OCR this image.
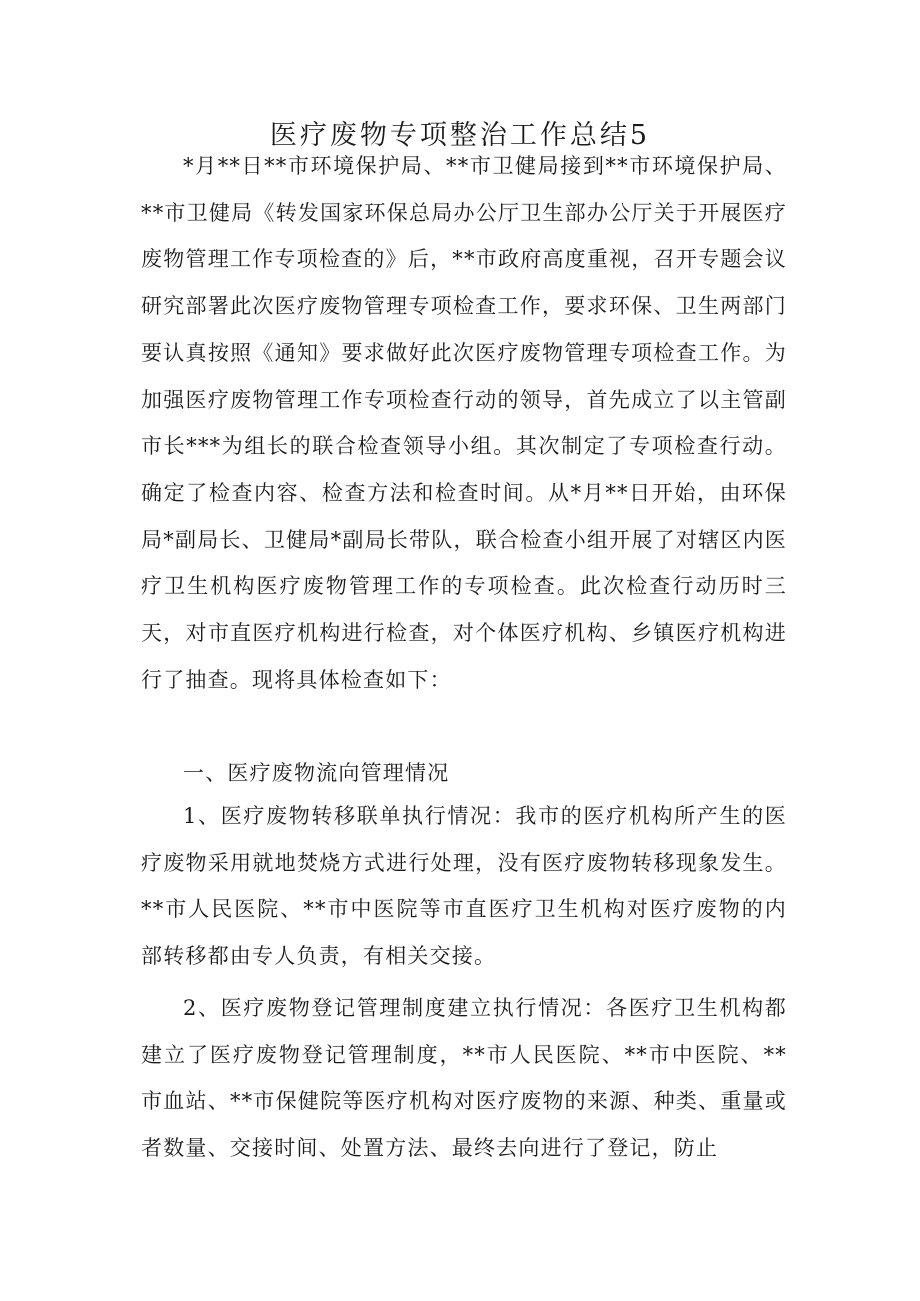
医疗废物专项整治工作总结5

*月**日**市环境保护局、**市卫健局接到**市环境保护局、**市卫健局《转发国家环保总局办公厅卫生部办公厅关于开展医疗废物管理工作专项检查的》后，**市政府高度重视，召开专题会议研究部署此次医疗废物管理专项检查工作，要求环保、卫生两部门要认真按照《通知》要求做好此次医疗废物管理专项检查工作。为加强医疗废物管理工作专项检查行动的领导，首先成立了以主管副市长***为组长的联合检查领导小组。其次制定了专项检查行动。确定了检查内容、检查方法和检查时间。从*月**日开始，由环保局*副局长、卫健局*副局长带队，联合检查小组开展了对辖区内医疗卫生机构医疗废物管理工作的专项检查。此次检查行动历时三天，对市直医疗机构进行检查，对个体医疗机构、乡镇医疗机构进行了抽查。现将具体检查如下：

一、医疗废物流向管理情况

1、医疗废物转移联单执行情况：我市的医疗机构所产生的医疗废物采用就地焚烧方式进行处理，没有医疗废物转移现象发生。**市人民医院、**市中医院等市直医疗卫生机构对医疗废物的内部转移都由专人负责，有相关交接。

2、医疗废物登记管理制度建立执行情况：各医疗卫生机构都建立了医疗废物登记管理制度，**市人民医院、**市中医院、**市血站、**市保健院等医疗机构对医疗废物的来源、种类、重量或者数量、交接时间、处置方法、最终去向进行了登记，防止
